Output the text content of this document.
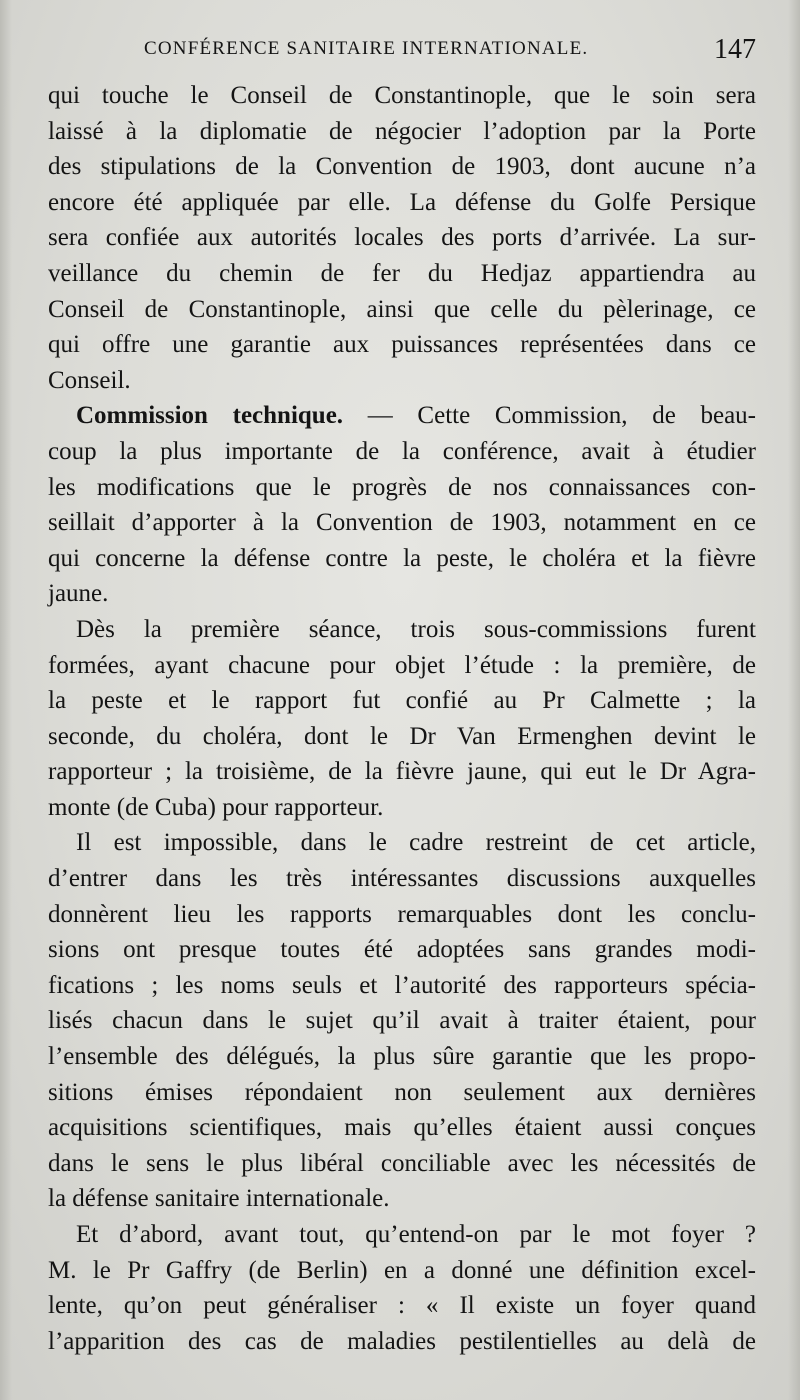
CONFÉRENCE SANITAIRE INTERNATIONALE.	147
qui touche le Conseil de Constantinople, que le soin sera
laissé à la diplomatie de négocier l’adoption par la Porte
des stipulations de la Convention de 1903, dont aucune n’a
encore été appliquée par elle. La défense du Golfe Persique
sera confiée aux autorités locales des ports d’arrivée. La sur-
veillance du chemin de fer du Hedjaz appartiendra au
Conseil de Constantinople, ainsi que celle du pèlerinage, ce
qui offre une garantie aux puissances représentées dans ce
Conseil.
Commission technique. — Cette Commission, de beau-
coup la plus importante de la conférence, avait à étudier
les modifications que le progrès de nos connaissances con-
seillait d’apporter à la Convention de 1903, notamment en ce
qui concerne la défense contre la peste, le choléra et la fièvre
jaune.
Dès la première séance, trois sous-commissions furent
formées, ayant chacune pour objet l’étude : la première, de
la peste et le rapport fut confié au Pr Calmette ; la
seconde, du choléra, dont le Dr Van Ermenghen devint le
rapporteur ; la troisième, de la fièvre jaune, qui eut le Dr Agra-
monte (de Cuba) pour rapporteur.
Il est impossible, dans le cadre restreint de cet article,
d’entrer dans les très intéressantes discussions auxquelles
donnèrent lieu les rapports remarquables dont les conclu-
sions ont presque toutes été adoptées sans grandes modi-
fications ; les noms seuls et l’autorité des rapporteurs spécia-
lisés chacun dans le sujet qu’il avait à traiter étaient, pour
l’ensemble des délégués, la plus sûre garantie que les propo-
sitions émises répondaient non seulement aux dernières
acquisitions scientifiques, mais qu’elles étaient aussi conçues
dans le sens le plus libéral conciliable avec les nécessités de
la défense sanitaire internationale.
Et d’abord, avant tout, qu’entend-on par le mot foyer ?
M. le Pr Gaffry (de Berlin) en a donné une définition excel-
lente, qu’on peut généraliser : « Il existe un foyer quand
l’apparition des cas de maladies pestilentielles au delà de
